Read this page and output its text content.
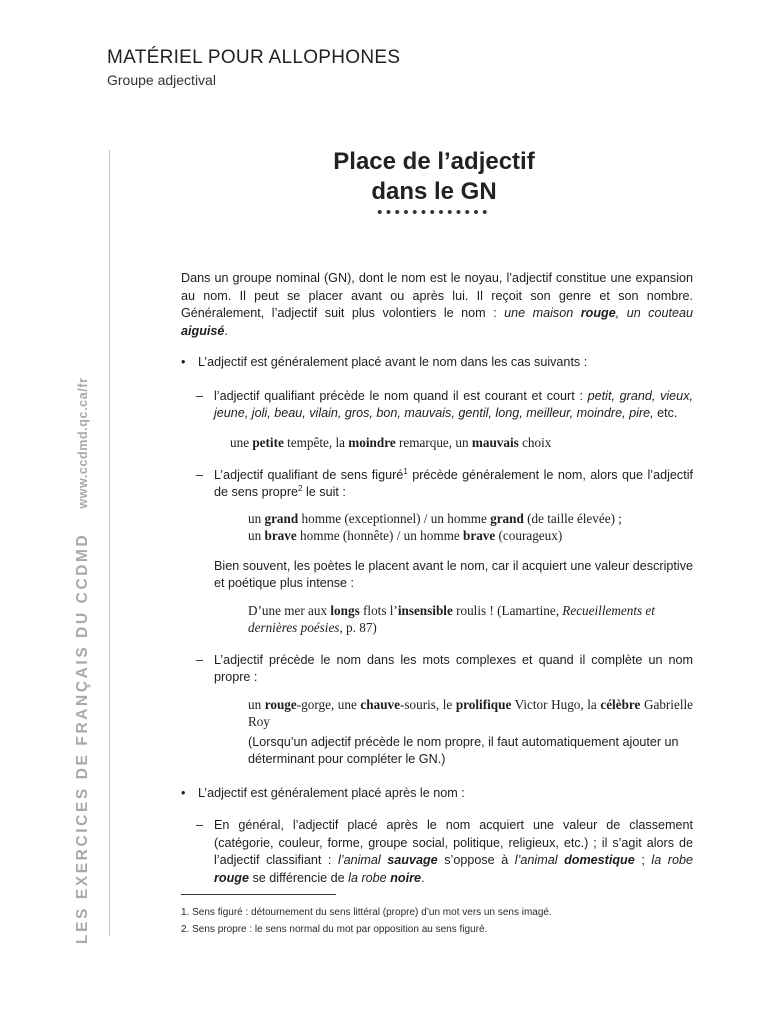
MATÉRIEL POUR ALLOPHONES
Groupe adjectival
LES EXERCICES DE FRANÇAIS DU CCDMDwww.ccdmd.qc.ca/fr
Place de l’adjectif
dans le GN
•••••••••••••

Dans un groupe nominal (GN), dont le nom est le noyau, l’adjectif constitue une expansion au nom. Il peut se placer avant ou après lui. Il reçoit son genre et son nombre. Généralement, l’adjectif suit plus volontiers le nom : une maison rouge, un couteau aiguisé.

• L’adjectif est généralement placé avant le nom dans les cas suivants :

– l’adjectif qualifiant précède le nom quand il est courant et court : petit, grand, vieux, jeune, joli, beau, vilain, gros, bon, mauvais, gentil, long, meilleur, moindre, pire, etc.

une petite tempête, la moindre remarque, un mauvais choix

– L’adjectif qualifiant de sens figuré$^1$ précède généralement le nom, alors que l’adjectif de sens propre$^2$ le suit :

un grand homme (exceptionnel) / un homme grand (de taille élevée) ;

un brave homme (honnête) / un homme brave (courageux)

Bien souvent, les poètes le placent avant le nom, car il acquiert une valeur descriptive et poétique plus intense :

D’une mer aux longs flots l’insensible roulis ! (Lamartine, Recueillements et dernières poésies, p. 87)

– L’adjectif précède le nom dans les mots complexes et quand il complète un nom propre :

un rouge-gorge, une chauve-souris, le prolifique Victor Hugo, la célèbre Gabrielle Roy

(Lorsqu’un adjectif précède le nom propre, il faut automatiquement ajouter un déterminant pour compléter le GN.)

• L’adjectif est généralement placé après le nom :

– En général, l’adjectif placé après le nom acquiert une valeur de classement (catégorie, couleur, forme, groupe social, politique, religieux, etc.) ; il s’agit alors de l’adjectif classifiant : l’animal sauvage s’oppose à l’animal domestique ; la robe rouge se différencie de la robe noire.

1. Sens figuré : détournement du sens littéral (propre) d’un mot vers un sens imagé.

2. Sens propre : le sens normal du mot par opposition au sens figuré.
